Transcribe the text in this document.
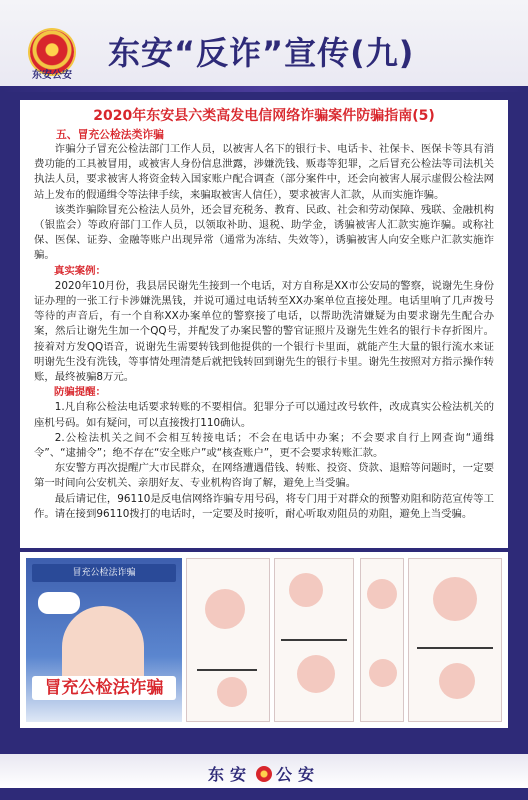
东安公安
东安“反诈”宣传(九)
2020年东安县六类高发电信网络诈骗案件防骗指南(5)
五、冒充公检法类诈骗

诈骗分子冒充公检法部门工作人员，以被害人名下的银行卡、电话卡、社保卡、医保卡等具有消费功能的工具被冒用，或被害人身份信息泄露，涉嫌洗钱、贩毒等犯罪，之后冒充公检法等司法机关执法人员，要求被害人将资金转入国家账户配合调查（部分案件中，还会向被害人展示虚假公检法网站上发布的假通缉令等法律手续，来骗取被害人信任），要求被害人汇款，从而实施诈骗。

该类诈骗除冒充公检法人员外，还会冒充税务、教育、民政、社会和劳动保障、残联、金融机构（银监会）等政府部门工作人员，以领取补助、退税、助学金，诱骗被害人汇款实施诈骗。或称社保、医保、证券、金融等账户出现异常（通常为冻结、失效等），诱骗被害人向安全账户汇款实施诈骗。

真实案例：

2020年10月份，我县居民谢先生接到一个电话，对方自称是XX市公安局的警察，说谢先生身份证办理的一张工行卡涉嫌洗黑钱，并说可通过电话转至XX办案单位直接处理。电话里响了几声拨号等待的声音后，有一个自称XX办案单位的警察接了电话，以帮助洗清嫌疑为由要求谢先生配合办案，然后让谢先生加一个QQ号，并配发了办案民警的警官证照片及谢先生姓名的银行卡存折图片。接着对方发QQ语音，说谢先生需要转钱到他提供的一个银行卡里面，就能产生大量的银行流水来证明谢先生没有洗钱，等事情处理清楚后就把钱转回到谢先生的银行卡里。谢先生按照对方指示操作转账，最终被骗8万元。

防骗提醒：

1.凡自称公检法电话要求转账的不要相信。犯罪分子可以通过改号软件，改成真实公检法机关的座机号码。如有疑问，可以直接拨打110确认。

2.公检法机关之间不会相互转接电话；不会在电话中办案；不会要求自行上网查询“通缉令”、“逮捕令”；绝不存在“安全账户”或“核查账户”，更不会要求转账汇款。

东安警方再次提醒广大市民群众，在网络遭遇借钱、转账、投资、贷款、退赔等问题时，一定要第一时间向公安机关、亲朋好友、专业机构咨询了解，避免上当受骗。

最后请记住，96110是反电信网络诈骗专用号码，将专门用于对群众的预警劝阻和防范宣传等工作。请在接到96110拨打的电话时，一定要及时接听，耐心听取劝阻员的劝阻，避免上当受骗。

冒充公检法诈骗
冒充公检法诈骗
东安 公安
